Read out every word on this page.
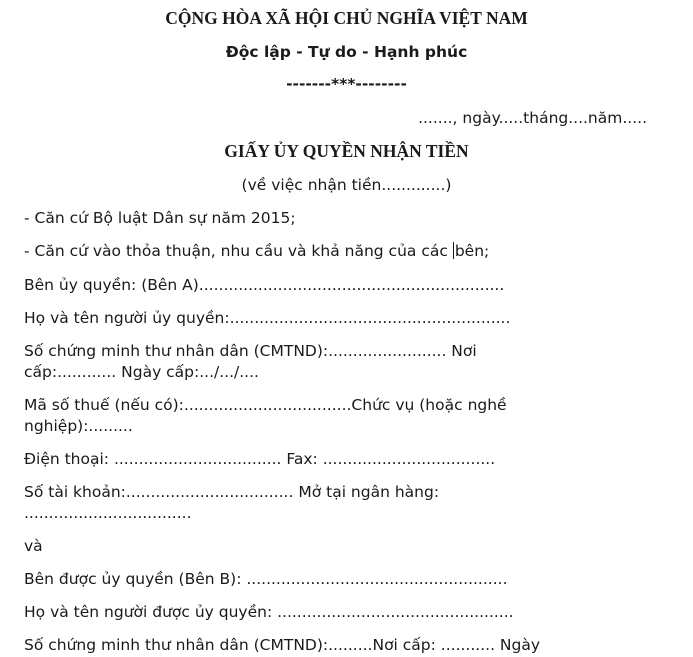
CỘNG HÒA XÃ HỘI CHỦ NGHĨA VIỆT NAM
Độc lập - Tự do - Hạnh phúc
-------***--------
......., ngày.....tháng....năm.....
GIẤY ỦY QUYỀN NHẬN TIỀN
(về việc nhận tiền.............)
- Căn cứ Bộ luật Dân sự năm 2015;
- Căn cứ vào thỏa thuận, nhu cầu và khả năng của các bên;
Bên ủy quyền: (Bên A)..............................................................
Họ và tên người ủy quyền:.........................................................
Số chứng minh thư nhân dân (CMTND):........................ Nơi
cấp:............ Ngày cấp:.../.../....
Mã số thuế (nếu có):..................................Chức vụ (hoặc nghề
nghiệp):.........
Điện thoại: .................................. Fax: ...................................
Số tài khoản:.................................. Mở tại ngân hàng:
..................................
và
Bên được ủy quyền (Bên B): .....................................................
Họ và tên người được ủy quyền: ................................................
Số chứng minh thư nhân dân (CMTND):.........Nơi cấp: ........... Ngày
